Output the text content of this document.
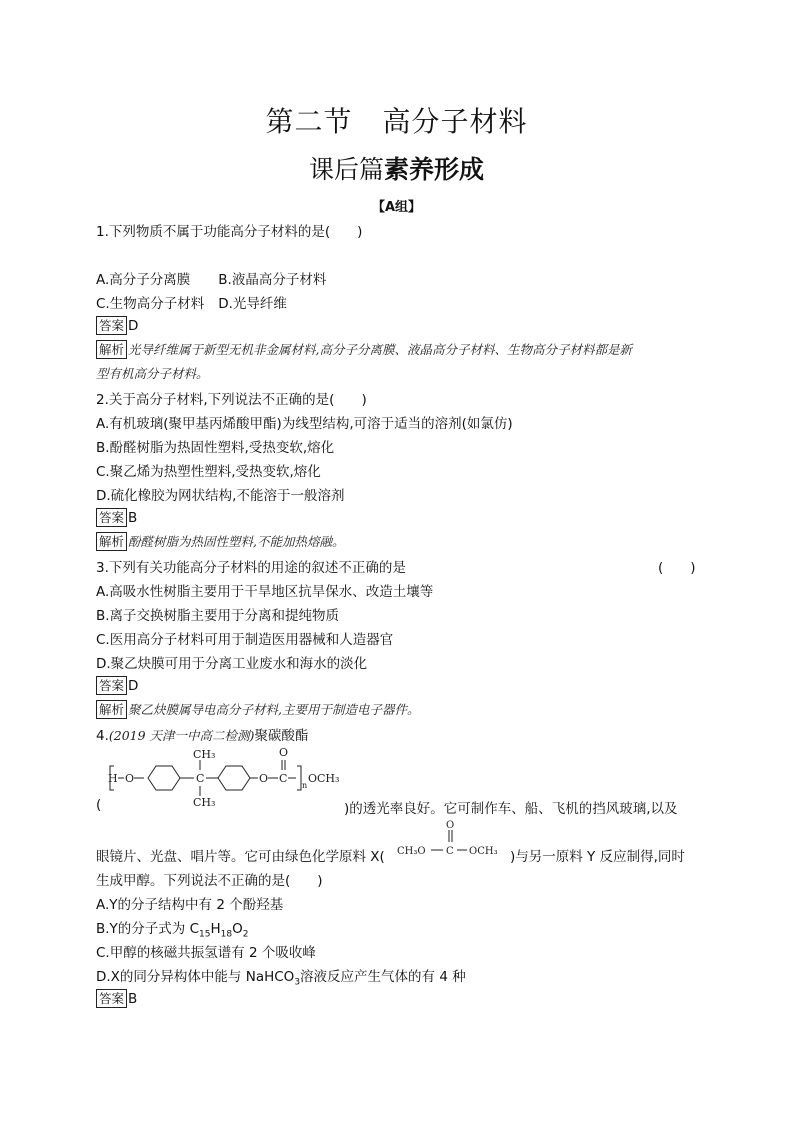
第二节 高分子材料
课后篇素养形成
【A组】
1.下列物质不属于功能高分子材料的是(　　)
A.高分子分离膜 B.液晶高分子材料
C.生物高分子材料 D.光导纤维
答案 D
解析 光导纤维属于新型无机非金属材料,高分子分离膜、液晶高分子材料、生物高分子材料都是新
型有机高分子材料。
2.关于高分子材料,下列说法不正确的是(　　)
A.有机玻璃(聚甲基丙烯酸甲酯)为线型结构,可溶于适当的溶剂(如氯仿)
B.酚醛树脂为热固性塑料,受热变软,熔化
C.聚乙烯为热塑性塑料,受热变软,熔化
D.硫化橡胶为网状结构,不能溶于一般溶剂
答案 B
解析 酚醛树脂为热固性塑料,不能加热熔融。
3.下列有关功能高分子材料的用途的叙述不正确的是	(　　)
A.高吸水性树脂主要用于干旱地区抗旱保水、改造土壤等
B.离子交换树脂主要用于分离和提纯物质
C.医用高分子材料可用于制造医用器械和人造器官
D.聚乙炔膜可用于分离工业废水和海水的淡化
答案 D
解析 聚乙炔膜属导电高分子材料,主要用于制造电子器件。
4.(2019 天津一中高二检测)聚碳酸酯
H O
CH₃
C
CH₃
O
O
C
n
OCH₃
(	)的透光率良好。它可制作车、船、飞机的挡风玻璃,以及
眼镜片、光盘、唱片等。它可由绿色化学原料 X( CH₃O
O
C OCH₃ )与另一原料 Y 反应制得,同时
生成甲醇。下列说法不正确的是(　　)
A.Y的分子结构中有 2 个酚羟基
B.Y的分子式为 $C_{15}H_{18}O_2$
C.甲醇的核磁共振氢谱有 2 个吸收峰
D.X的同分异构体中能与 NaHCO$_3$溶液反应产生气体的有 4 种
答案 B
